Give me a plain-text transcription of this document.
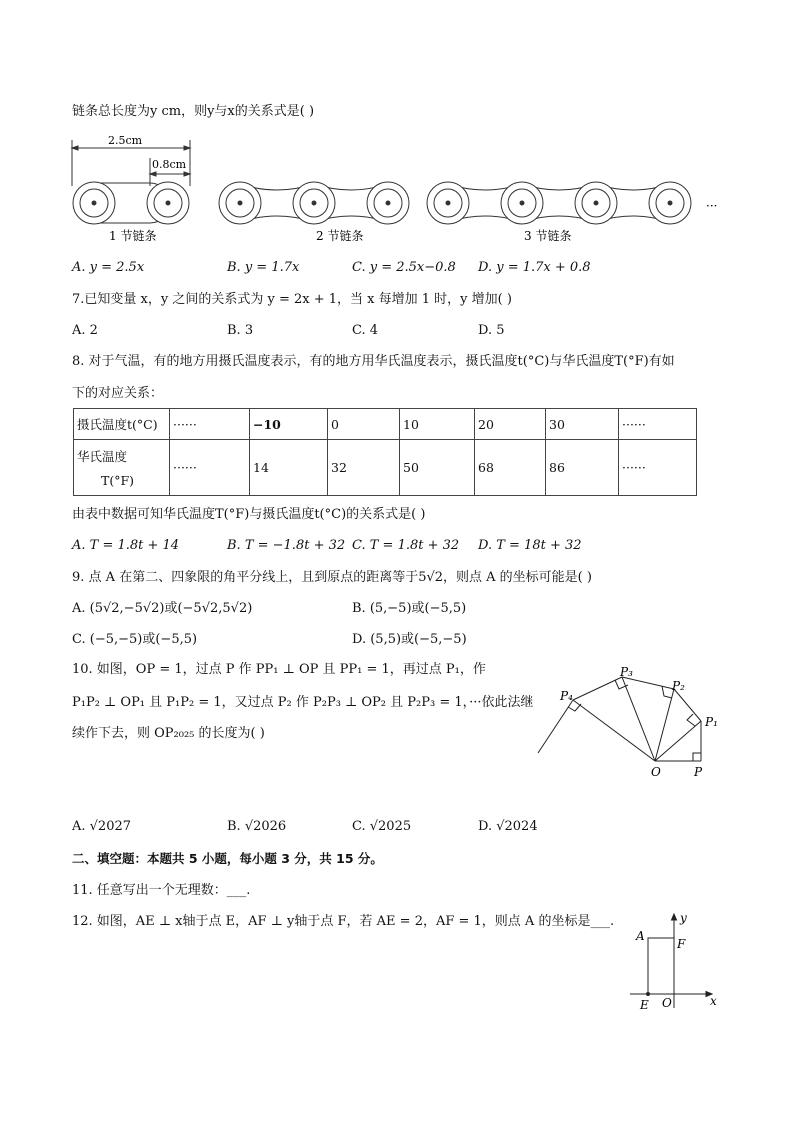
链条总长度为y cm，则y与x的关系式是( )
2.5cm
0.8cm
···
1 节链条	2 节链条	3 节链条
A. y = 2.5x	B. y = 1.7x	C. y = 2.5x−0.8 D. y = 1.7x + 0.8
7.已知变量 x，y 之间的关系式为 y = 2x + 1，当 x 每增加 1 时，y 增加( )
A. 2	B. 3	C. 4	D. 5
8. 对于气温，有的地方用摄氏温度表示，有的地方用华氏温度表示，摄氏温度t(°C)与华氏温度T(°F)有如
下的对应关系：
摄氏温度t(°C)	······	−10	0	10	20	30	······

华氏温度
T(°F)	······	14	32	50	68	86	······
由表中数据可知华氏温度T(°F)与摄氏温度t(°C)的关系式是( )
A. T = 1.8t + 14	B. T = −1.8t + 32 C. T = 1.8t + 32 D. T = 18t + 32
9. 点 A 在第二、四象限的角平分线上，且到原点的距离等于5√2，则点 A 的坐标可能是( )
A. (5√2,−5√2)或(−5√2,5√2)	B. (5,−5)或(−5,5)
C. (−5,−5)或(−5,5)	D. (5,5)或(−5,−5)
10. 如图，OP = 1，过点 P 作 PP₁ ⊥ OP 且 PP₁ = 1，再过点 P₁，作
P₁P₂ ⊥ OP₁ 且 P₁P₂ = 1，又过点 P₂ 作 P₂P₃ ⊥ OP₂ 且 P₂P₃ = 1，···依此法继
续作下去，则 OP₂₀₂₅ 的长度为( )
O	P
P₁
P₂
P₃
P₄
A. √2027	B. √2026	C. √2025	D. √2024
二、填空题：本题共 5 小题，每小题 3 分，共 15 分。
11. 任意写出一个无理数：___.
12. 如图，AE ⊥ x轴于点 E，AF ⊥ y轴于点 F，若 AE = 2，AF = 1，则点 A 的坐标是___.	y
x
A
F
E O
